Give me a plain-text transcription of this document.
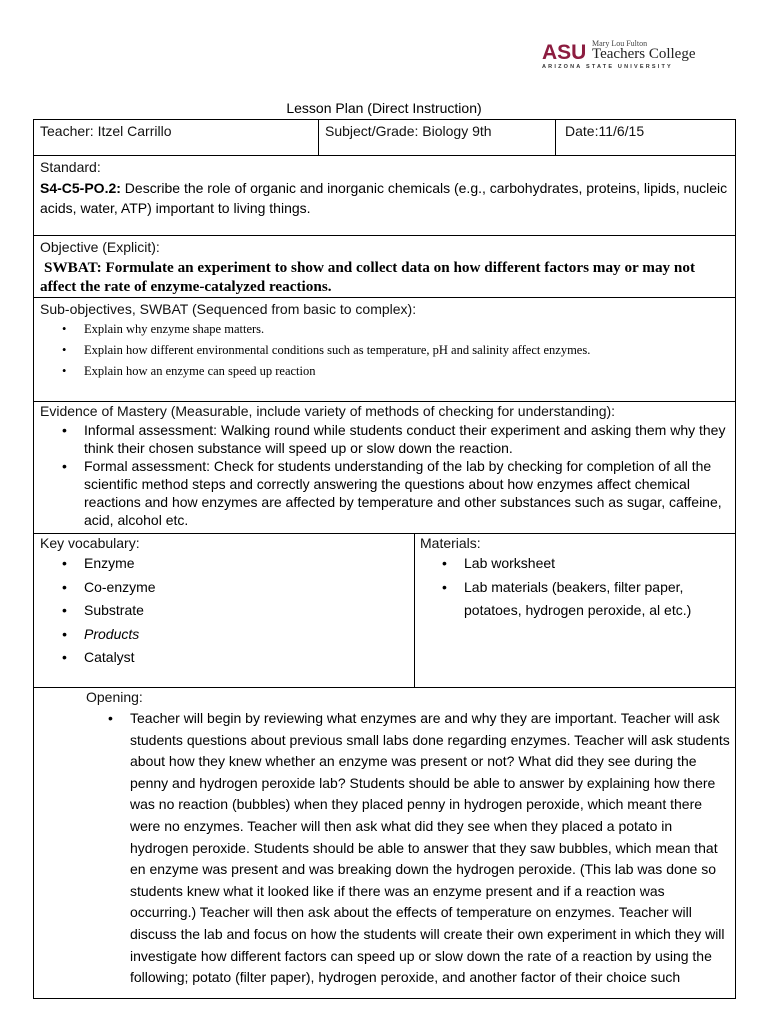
ASU Mary Lou Fulton
Teachers College
ARIZONA STATE UNIVERSITY
Lesson Plan (Direct Instruction)
Teacher: Itzel Carrillo	Subject/Grade: Biology 9th	Date:11/6/15
Standard:
S4-C5-PO.2: Describe the role of organic and inorganic chemicals (e.g., carbohydrates, proteins, lipids, nucleic acids, water, ATP) important to living things.
Objective (Explicit):
SWBAT: Formulate an experiment to show and collect data on how different factors may or may not affect the rate of enzyme-catalyzed reactions.
Sub-objectives, SWBAT (Sequenced from basic to complex):
• Explain why enzyme shape matters.
• Explain how different environmental conditions such as temperature, pH and salinity affect enzymes.
• Explain how an enzyme can speed up reaction
Evidence of Mastery (Measurable, include variety of methods of checking for understanding):
• Informal assessment: Walking round while students conduct their experiment and asking them why they think their chosen substance will speed up or slow down the reaction.
• Formal assessment: Check for students understanding of the lab by checking for completion of all the scientific method steps and correctly answering the questions about how enzymes affect chemical reactions and how enzymes are affected by temperature and other substances such as sugar, caffeine, acid, alcohol etc.
Key vocabulary:
• Enzyme
• Co-enzyme
• Substrate
• Products
• Catalyst
Materials:
• Lab worksheet
• Lab materials (beakers, filter paper, potatoes, hydrogen peroxide, al etc.)
Opening:
• Teacher will begin by reviewing what enzymes are and why they are important. Teacher will ask students questions about previous small labs done regarding enzymes. Teacher will ask students about how they knew whether an enzyme was present or not? What did they see during the penny and hydrogen peroxide lab? Students should be able to answer by explaining how there was no reaction (bubbles) when they placed penny in hydrogen peroxide, which meant there were no enzymes. Teacher will then ask what did they see when they placed a potato in hydrogen peroxide. Students should be able to answer that they saw bubbles, which mean that en enzyme was present and was breaking down the hydrogen peroxide. (This lab was done so students knew what it looked like if there was an enzyme present and if a reaction was occurring.) Teacher will then ask about the effects of temperature on enzymes. Teacher will discuss the lab and focus on how the students will create their own experiment in which they will investigate how different factors can speed up or slow down the rate of a reaction by using the following; potato (filter paper), hydrogen peroxide, and another factor of their choice such
